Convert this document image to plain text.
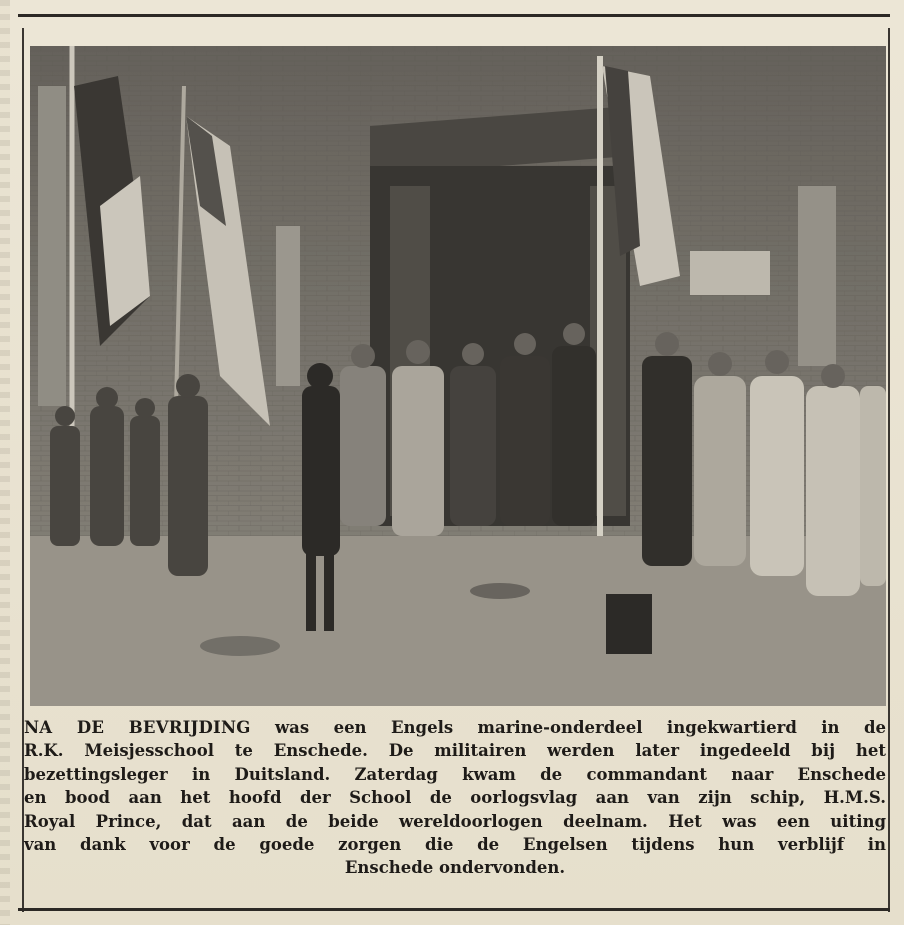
NA DE BEVRIJDING was een Engels marine-onderdeel ingekwartierd in de
R.K. Meisjesschool te Enschede. De militairen werden later ingedeeld bij het
bezettingsleger in Duitsland. Zaterdag kwam de commandant naar Enschede
en bood aan het hoofd der School de oorlogsvlag aan van zijn schip, H.M.S.
Royal Prince, dat aan de beide wereldoorlogen deelnam. Het was een uiting
van dank voor de goede zorgen die de Engelsen tijdens hun verblijf in
Enschede ondervonden.
